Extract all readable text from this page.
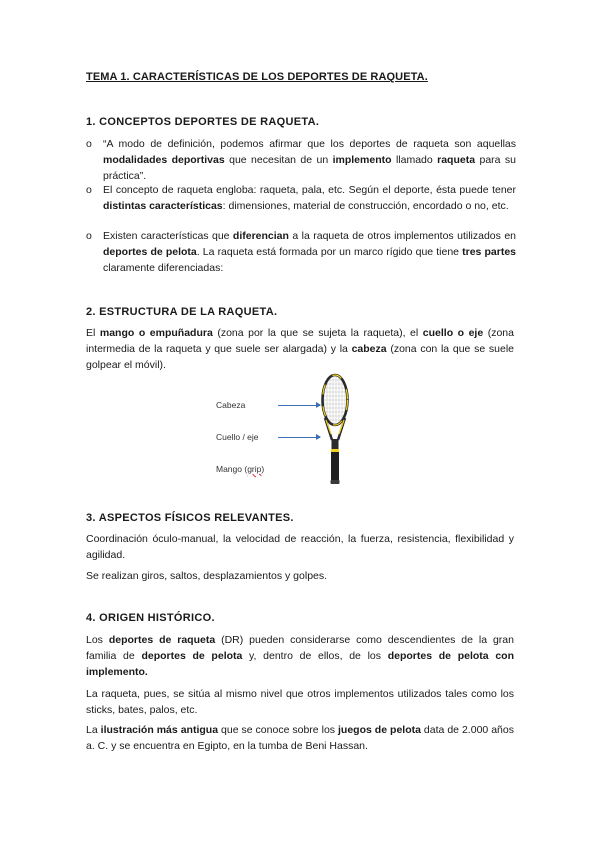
TEMA 1. CARACTERÍSTICAS DE LOS DEPORTES DE RAQUETA.
1. CONCEPTOS DEPORTES DE RAQUETA.
o “A modo de definición, podemos afirmar que los deportes de raqueta son aquellas modalidades deportivas que necesitan de un implemento llamado raqueta para su práctica”.
o El concepto de raqueta engloba: raqueta, pala, etc. Según el deporte, ésta puede tener distintas características: dimensiones, material de construcción, encordado o no, etc.
o Existen características que diferencian a la raqueta de otros implementos utilizados en deportes de pelota. La raqueta está formada por un marco rígido que tiene tres partes claramente diferenciadas:
2. ESTRUCTURA DE LA RAQUETA.
El mango o empuñadura (zona por la que se sujeta la raqueta), el cuello o eje (zona intermedia de la raqueta y que suele ser alargada) y la cabeza (zona con la que se suele golpear el móvil).
Cabeza
Cuello / eje
Mango (grip)
3. ASPECTOS FÍSICOS RELEVANTES.
Coordinación óculo-manual, la velocidad de reacción, la fuerza, resistencia, flexibilidad y agilidad.
Se realizan giros, saltos, desplazamientos y golpes.
4. ORIGEN HISTÓRICO.
Los deportes de raqueta (DR) pueden considerarse como descendientes de la gran familia de deportes de pelota y, dentro de ellos, de los deportes de pelota con implemento.
La raqueta, pues, se sitúa al mismo nivel que otros implementos utilizados tales como los sticks, bates, palos, etc.
La ilustración más antigua que se conoce sobre los juegos de pelota data de 2.000 años a. C. y se encuentra en Egipto, en la tumba de Beni Hassan.
